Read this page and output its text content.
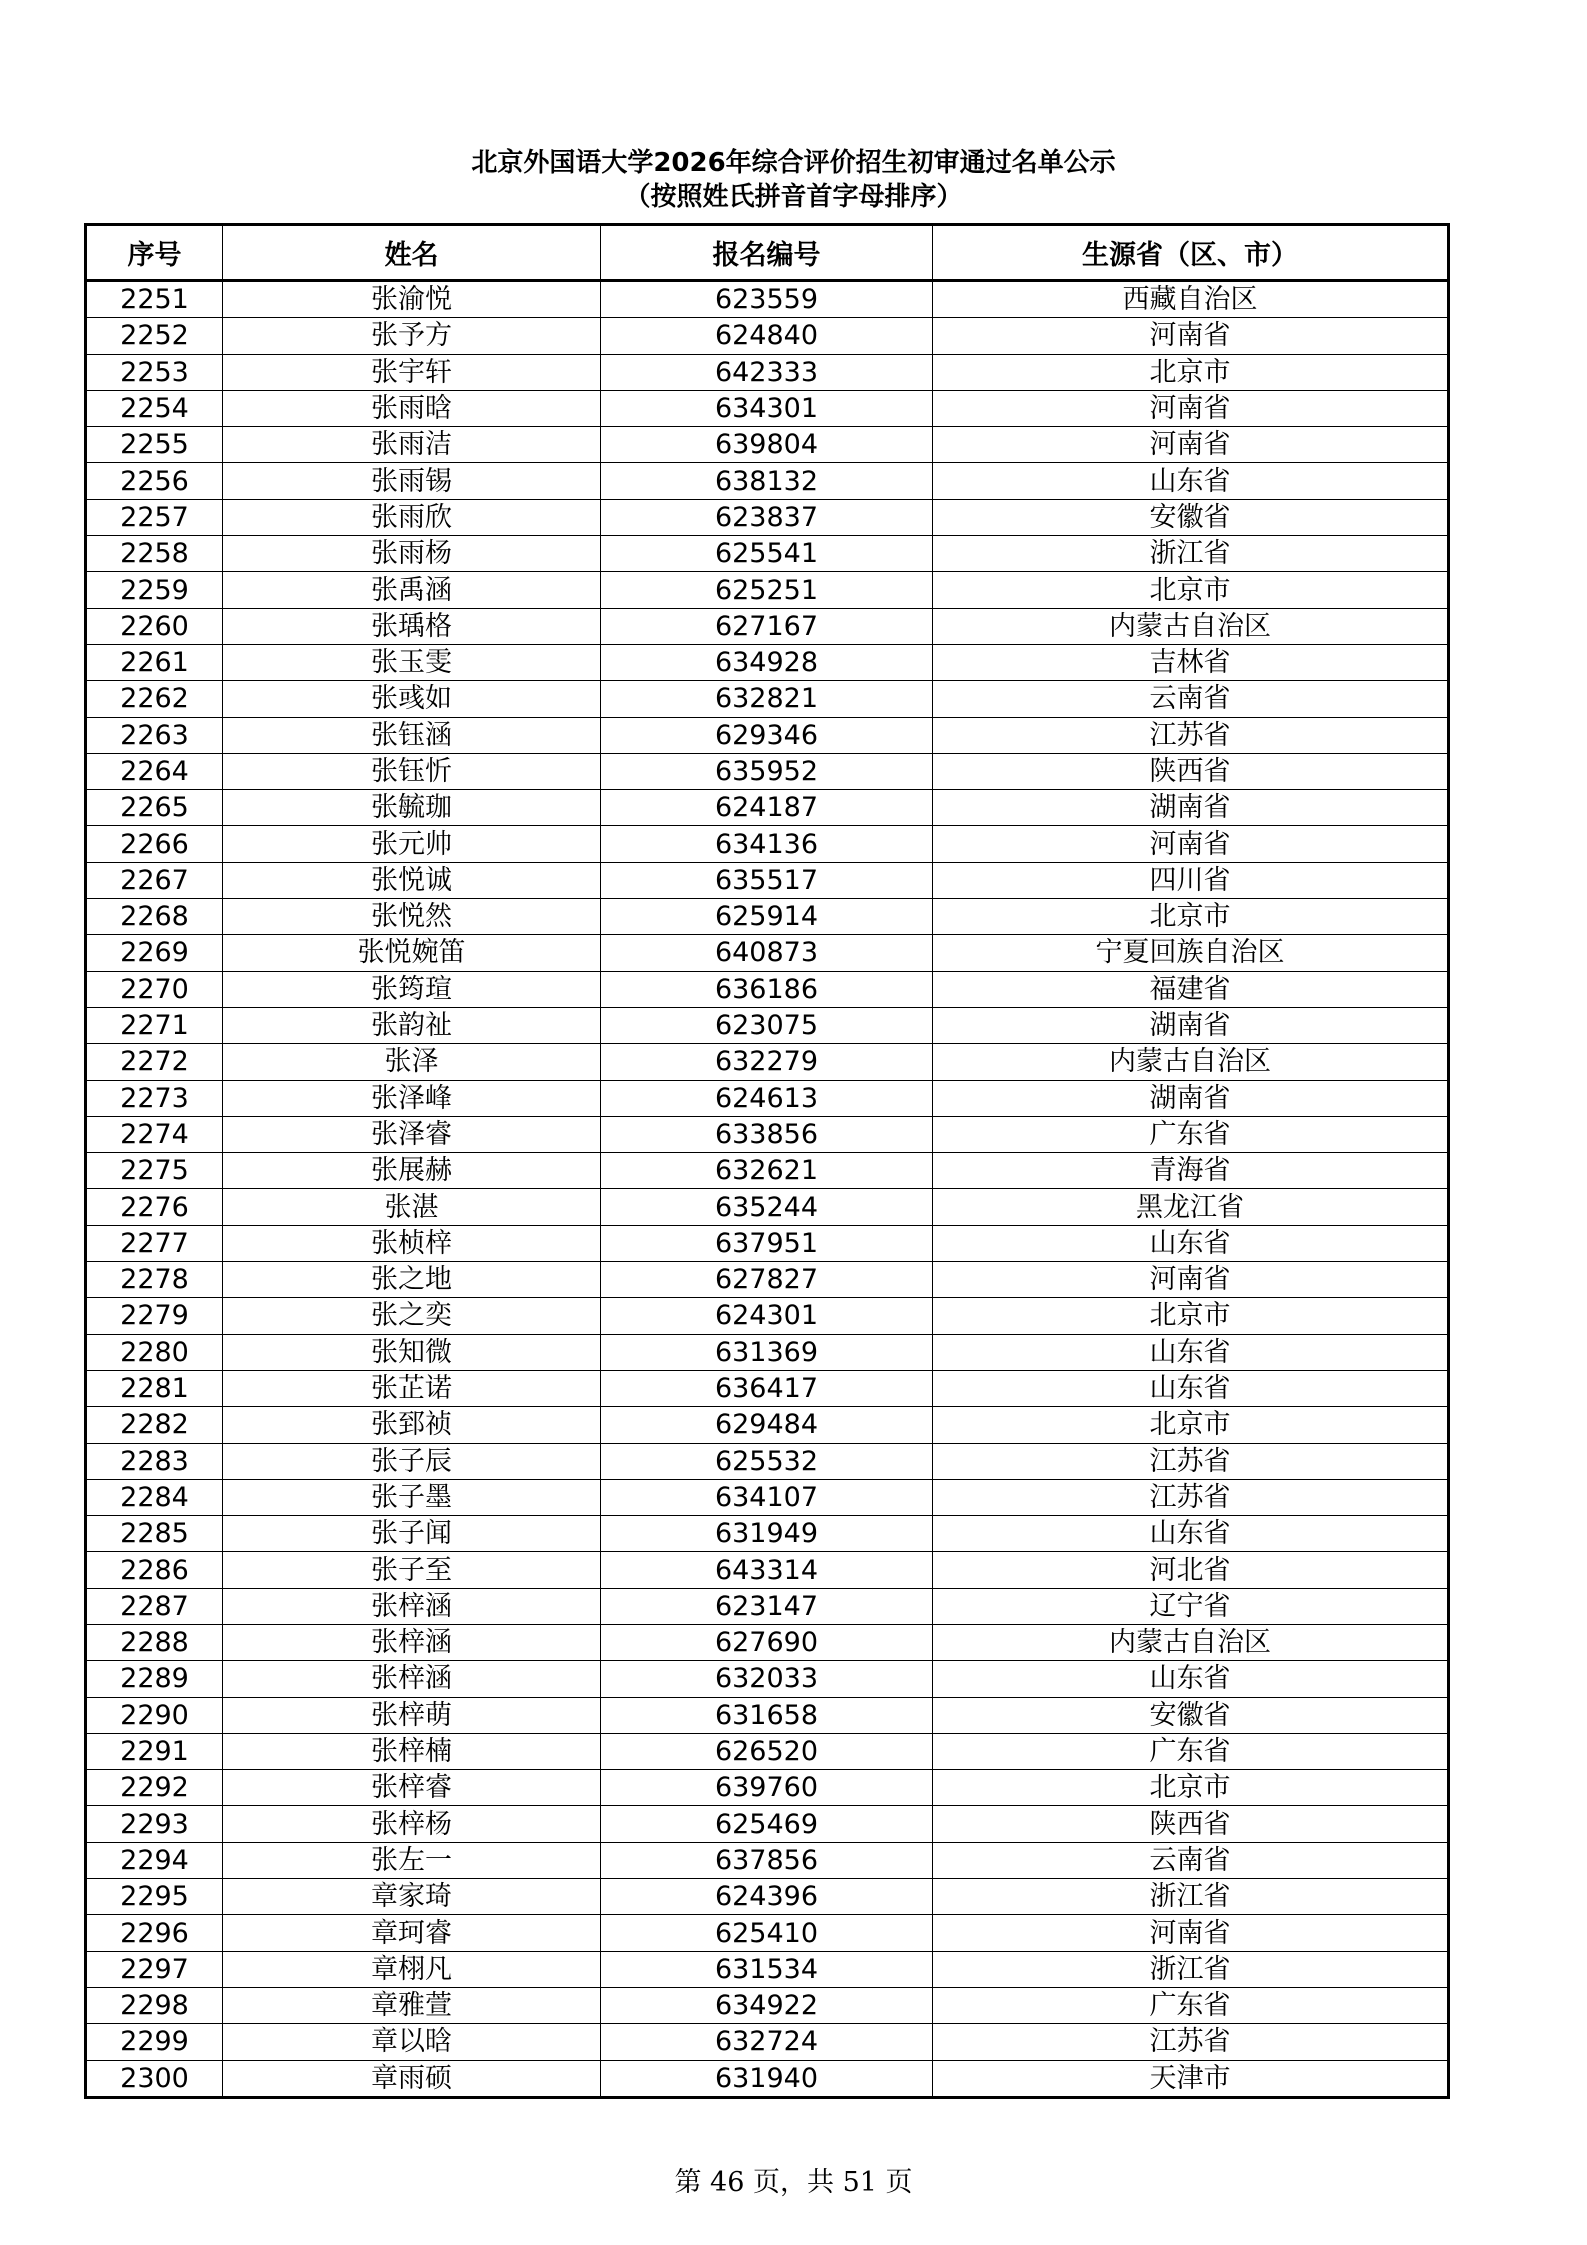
北京外国语大学2026年综合评价招生初审通过名单公示
（按照姓氏拼音首字母排序）
序号	姓名	报名编号	生源省（区、市）
2251	张渝悦	623559	西藏自治区
2252	张予方	624840	河南省
2253	张宇轩	642333	北京市
2254	张雨晗	634301	河南省
2255	张雨洁	639804	河南省
2256	张雨锡	638132	山东省
2257	张雨欣	623837	安徽省
2258	张雨杨	625541	浙江省
2259	张禹涵	625251	北京市
2260	张瑀格	627167	内蒙古自治区
2261	张玉雯	634928	吉林省
2262	张彧如	632821	云南省
2263	张钰涵	629346	江苏省
2264	张钰忻	635952	陕西省
2265	张毓珈	624187	湖南省
2266	张元帅	634136	河南省
2267	张悦诚	635517	四川省
2268	张悦然	625914	北京市
2269	张悦婉笛	640873	宁夏回族自治区
2270	张筠瑄	636186	福建省
2271	张韵祉	623075	湖南省
2272	张泽	632279	内蒙古自治区
2273	张泽峰	624613	湖南省
2274	张泽睿	633856	广东省
2275	张展赫	632621	青海省
2276	张湛	635244	黑龙江省
2277	张桢梓	637951	山东省
2278	张之地	627827	河南省
2279	张之奕	624301	北京市
2280	张知微	631369	山东省
2281	张芷诺	636417	山东省
2282	张郅祯	629484	北京市
2283	张子辰	625532	江苏省
2284	张子墨	634107	江苏省
2285	张子闻	631949	山东省
2286	张子至	643314	河北省
2287	张梓涵	623147	辽宁省
2288	张梓涵	627690	内蒙古自治区
2289	张梓涵	632033	山东省
2290	张梓萌	631658	安徽省
2291	张梓楠	626520	广东省
2292	张梓睿	639760	北京市
2293	张梓杨	625469	陕西省
2294	张左一	637856	云南省
2295	章家琦	624396	浙江省
2296	章珂睿	625410	河南省
2297	章栩凡	631534	浙江省
2298	章雅萱	634922	广东省
2299	章以晗	632724	江苏省
2300	章雨硕	631940	天津市
第 46 页，共 51 页
